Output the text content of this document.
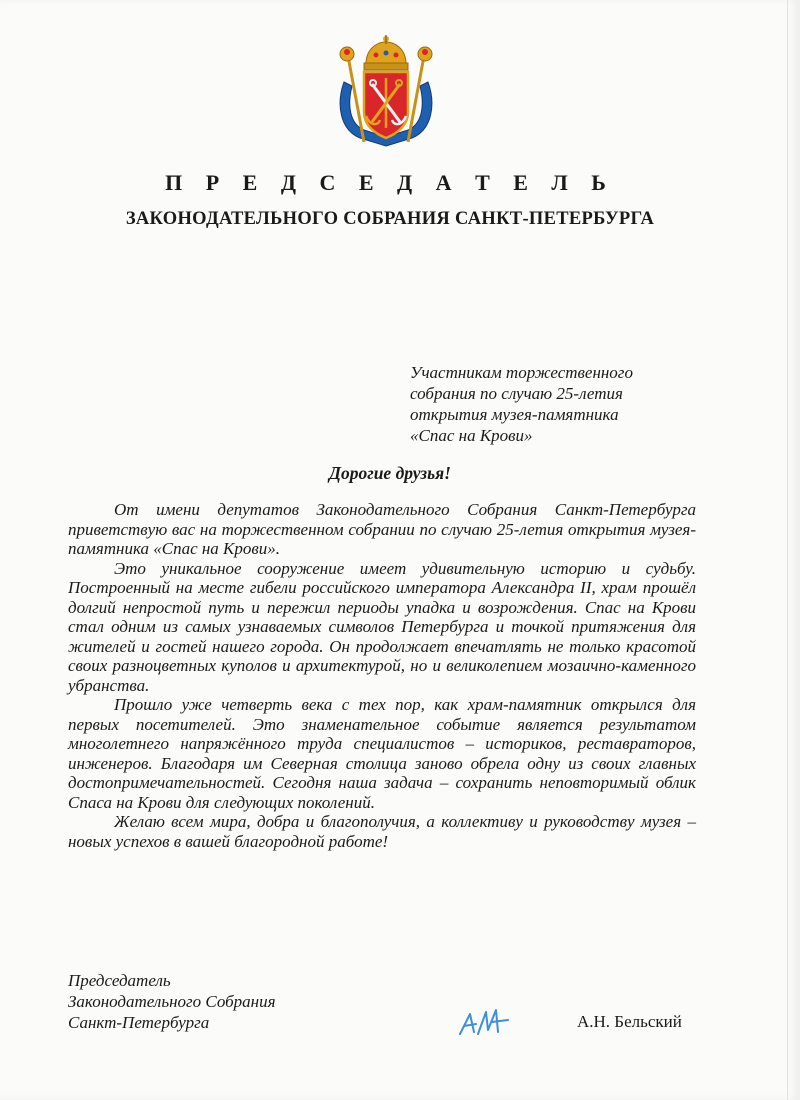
П Р Е Д С Е Д А Т Е Л Ь
ЗАКОНОДАТЕЛЬНОГО СОБРАНИЯ САНКТ-ПЕТЕРБУРГА
Участникам торжественного
собрания по случаю 25-летия
открытия музея-памятника
«Спас на Крови»
Дорогие друзья!

От имени депутатов Законодательного Собрания Санкт-Петербурга приветствую вас на торжественном собрании по случаю 25-летия открытия музея-памятника «Спас на Крови».

Это уникальное сооружение имеет удивительную историю и судьбу. Построенный на месте гибели российского императора Александра II, храм прошёл долгий непростой путь и пережил периоды упадка и возрождения. Спас на Крови стал одним из самых узнаваемых символов Петербурга и точкой притяжения для жителей и гостей нашего города. Он продолжает впечатлять не только красотой своих разноцветных куполов и архитектурой, но и великолепием мозаично-каменного убранства.

Прошло уже четверть века с тех пор, как храм-памятник открылся для первых посетителей. Это знаменательное событие является результатом многолетнего напряжённого труда специалистов – историков, реставраторов, инженеров. Благодаря им Северная столица заново обрела одну из своих главных достопримечательностей. Сегодня наша задача – сохранить неповторимый облик Спаса на Крови для следующих поколений.

Желаю всем мира, добра и благополучия, а коллективу и руководству музея – новых успехов в вашей благородной работе!

Председатель
Законодательного Собрания
Санкт-Петербурга	А.Н. Бельский
